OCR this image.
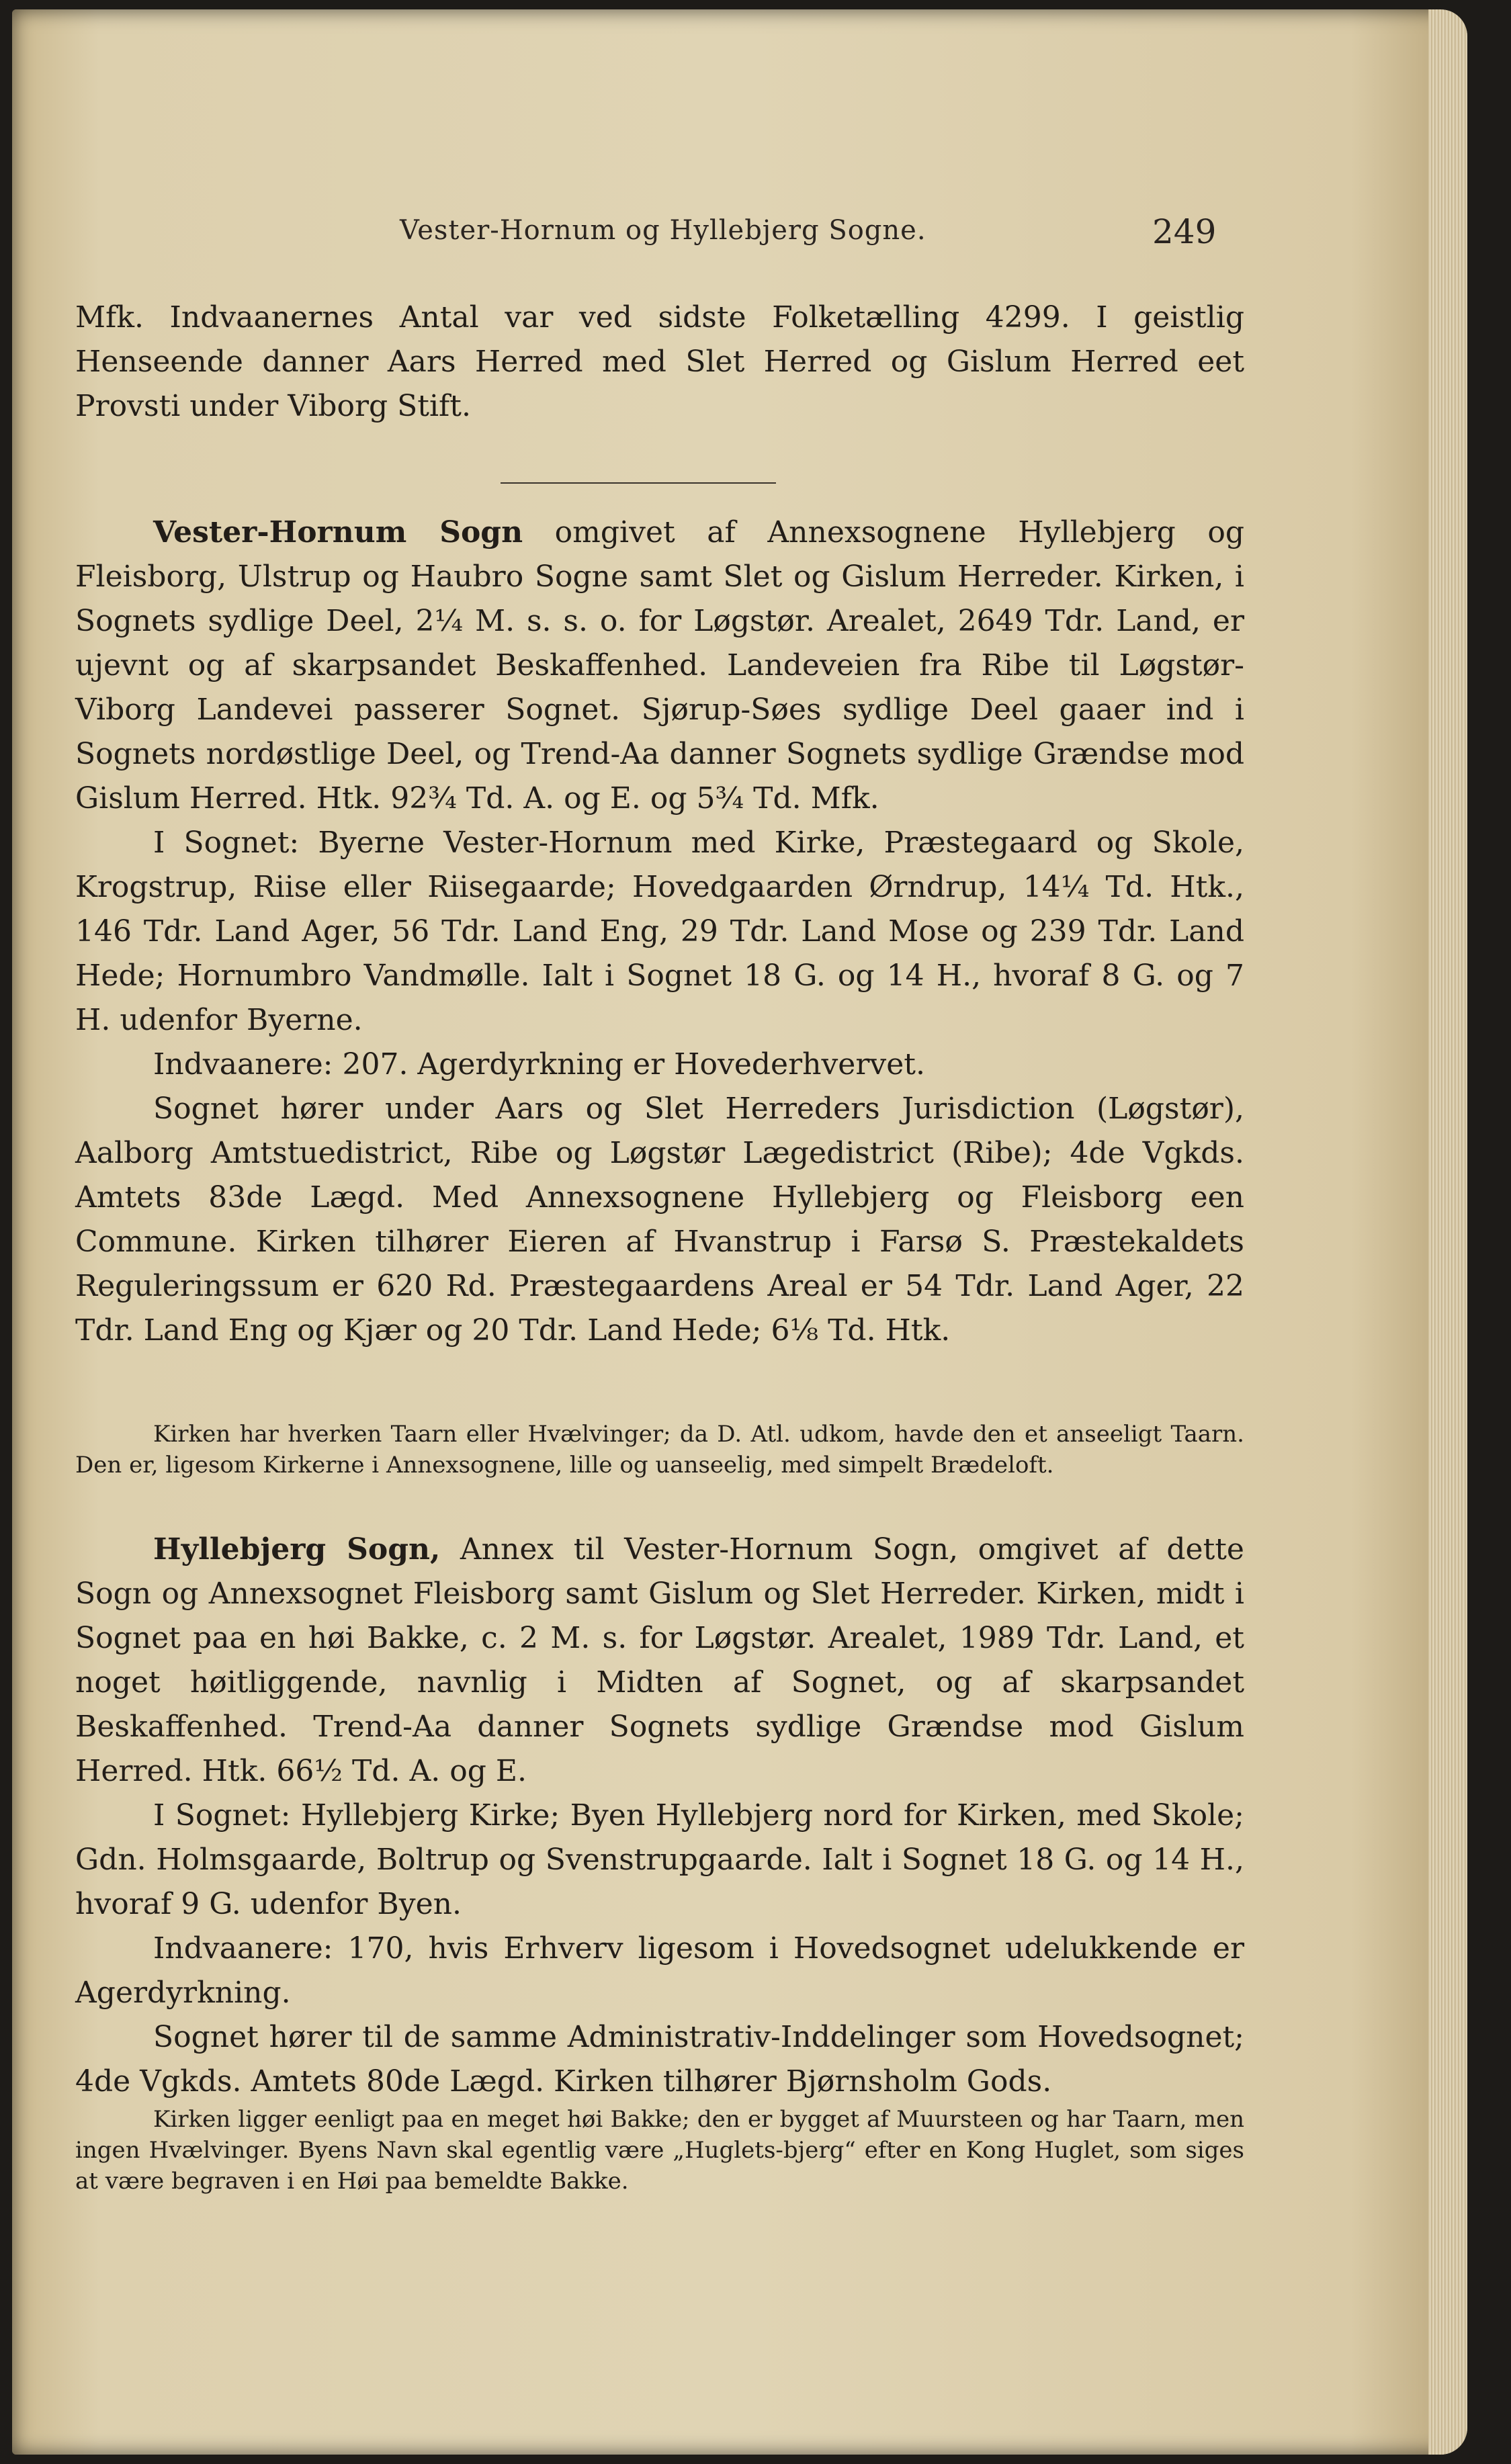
Vester-Hornum og Hyllebjerg Sogne.	249

Mfk. Indvaanernes Antal var ved sidste Folketælling 4299. I geistlig Henseende danner Aars Herred med Slet Herred og Gislum Herred eet Provsti under Viborg Stift.

Vester-Hornum Sogn omgivet af Annexsognene Hyllebjerg og Fleisborg, Ulstrup og Haubro Sogne samt Slet og Gislum Herreder. Kirken, i Sognets sydlige Deel, 2¼ M. s. s. o. for Løgstør. Arealet, 2649 Tdr. Land, er ujevnt og af skarpsandet Beskaffenhed. Landeveien fra Ribe til Løgstør-Viborg Landevei passerer Sognet. Sjørup-Søes sydlige Deel gaaer ind i Sognets nordøstlige Deel, og Trend-Aa danner Sognets sydlige Grændse mod Gislum Herred. Htk. 92¾ Td. A. og E. og 5¾ Td. Mfk.

I Sognet: Byerne Vester-Hornum med Kirke, Præstegaard og Skole, Krogstrup, Riise eller Riisegaarde; Hovedgaarden Ørndrup, 14¼ Td. Htk., 146 Tdr. Land Ager, 56 Tdr. Land Eng, 29 Tdr. Land Mose og 239 Tdr. Land Hede; Hornumbro Vandmølle. Ialt i Sognet 18 G. og 14 H., hvoraf 8 G. og 7 H. udenfor Byerne.

Indvaanere: 207. Agerdyrkning er Hovederhvervet.

Sognet hører under Aars og Slet Herreders Jurisdiction (Løgstør), Aalborg Amtstuedistrict, Ribe og Løgstør Lægedistrict (Ribe); 4de Vgkds. Amtets 83de Lægd. Med Annexsognene Hyllebjerg og Fleisborg een Commune. Kirken tilhører Eieren af Hvanstrup i Farsø S. Præstekaldets Reguleringssum er 620 Rd. Præstegaardens Areal er 54 Tdr. Land Ager, 22 Tdr. Land Eng og Kjær og 20 Tdr. Land Hede; 6⅛ Td. Htk.

Kirken har hverken Taarn eller Hvælvinger; da D. Atl. udkom, havde den et anseeligt Taarn. Den er, ligesom Kirkerne i Annexsognene, lille og uanseelig, med simpelt Brædeloft.

Hyllebjerg Sogn, Annex til Vester-Hornum Sogn, omgivet af dette Sogn og Annexsognet Fleisborg samt Gislum og Slet Herreder. Kirken, midt i Sognet paa en høi Bakke, c. 2 M. s. for Løgstør. Arealet, 1989 Tdr. Land, et noget høitliggende, navnlig i Midten af Sognet, og af skarpsandet Beskaffenhed. Trend-Aa danner Sognets sydlige Grændse mod Gislum Herred. Htk. 66½ Td. A. og E.

I Sognet: Hyllebjerg Kirke; Byen Hyllebjerg nord for Kirken, med Skole; Gdn. Holmsgaarde, Boltrup og Svenstrupgaarde. Ialt i Sognet 18 G. og 14 H., hvoraf 9 G. udenfor Byen.

Indvaanere: 170, hvis Erhverv ligesom i Hovedsognet udelukkende er Agerdyrkning.

Sognet hører til de samme Administrativ-Inddelinger som Hovedsognet; 4de Vgkds. Amtets 80de Lægd. Kirken tilhører Bjørnsholm Gods.

Kirken ligger eenligt paa en meget høi Bakke; den er bygget af Muursteen og har Taarn, men ingen Hvælvinger. Byens Navn skal egentlig være „Huglets-bjerg“ efter en Kong Huglet, som siges at være begraven i en Høi paa bemeldte Bakke.
